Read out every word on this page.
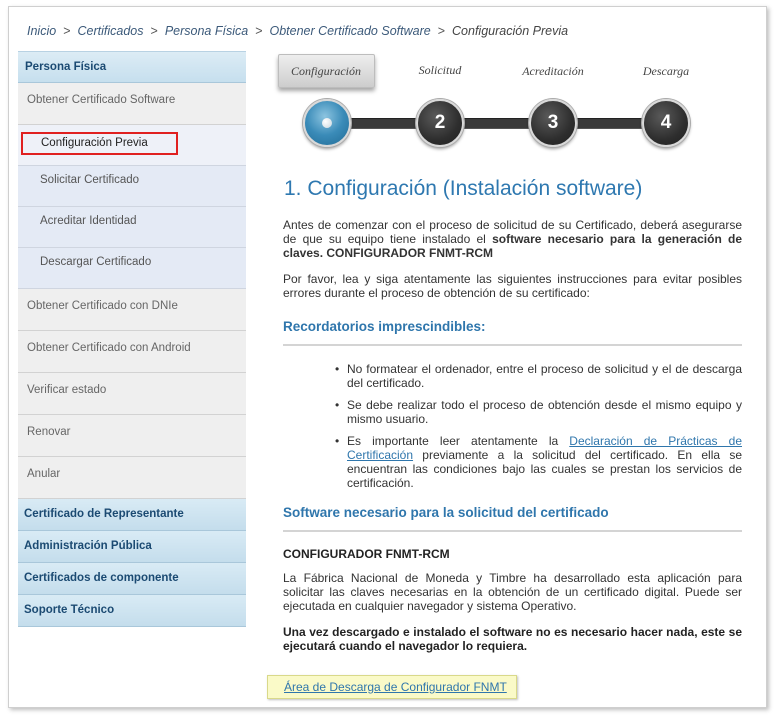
Inicio > Certificados > Persona Física > Obtener Certificado Software > Configuración Previa
Persona Física
Obtener Certificado Software
Configuración Previa
Solicitar Certificado
Acreditar Identidad
Descargar Certificado
Obtener Certificado con DNIe
Obtener Certificado con Android
Verificar estado
Renovar
Anular
Certificado de Representante
Administración Pública
Certificados de componente
Soporte Técnico
Configuración	Solicitud	Acreditación	Descarga
2	3	4
1. Configuración (Instalación software)

Antes de comenzar con el proceso de solicitud de su Certificado, deberá asegurarse de que su equipo tiene instalado el software necesario para la generación de claves. CONFIGURADOR FNMT-RCM

Por favor, lea y siga atentamente las siguientes instrucciones para evitar posibles errores durante el proceso de obtención de su certificado:

Recordatorios imprescindibles:
• No formatear el ordenador, entre el proceso de solicitud y el de descarga del certificado.
• Se debe realizar todo el proceso de obtención desde el mismo equipo y mismo usuario.
• Es importante leer atentamente la Declaración de Prácticas de Certificación previamente a la solicitud del certificado. En ella se encuentran las condiciones bajo las cuales se prestan los servicios de certificación.
Software necesario para la solicitud del certificado
CONFIGURADOR FNMT-RCM

La Fábrica Nacional de Moneda y Timbre ha desarrollado esta aplicación para solicitar las claves necesarias en la obtención de un certificado digital. Puede ser ejecutada en cualquier navegador y sistema Operativo.

Una vez descargado e instalado el software no es necesario hacer nada, este se ejecutará cuando el navegador lo requiera.

Área de Descarga de Configurador FNMT
